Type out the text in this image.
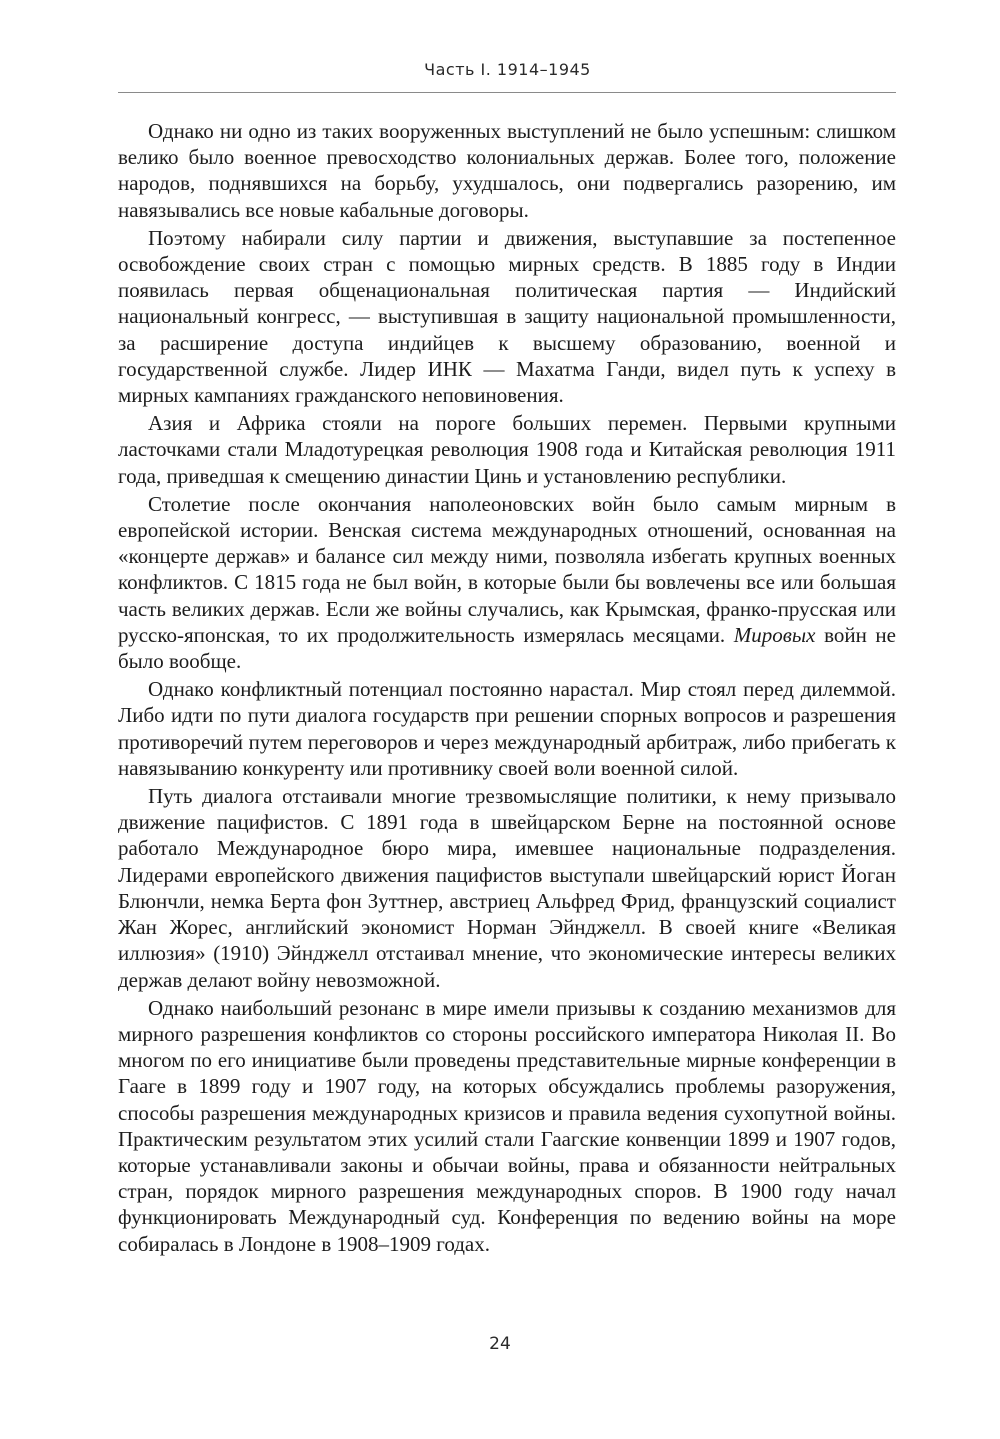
Часть I. 1914–1945

Однако ни одно из таких вооруженных выступлений не было успешным: слишком велико было военное превосходство колониальных держав. Более того, положение народов, поднявшихся на борьбу, ухудшалось, они подвергались разорению, им навязывались все новые кабальные договоры.

Поэтому набирали силу партии и движения, выступавшие за постепенное освобождение своих стран с помощью мирных средств. В 1885 году в Индии появилась первая общенациональная политическая партия — Индийский национальный конгресс, — выступившая в защиту национальной промышленности, за расширение доступа индийцев к высшему образованию, военной и государственной службе. Лидер ИНК — Махатма Ганди, видел путь к успеху в мирных кампаниях гражданского неповиновения.

Азия и Африка стояли на пороге больших перемен. Первыми крупными ласточками стали Младотурецкая революция 1908 года и Китайская революция 1911 года, приведшая к смещению династии Цинь и установлению республики.

Столетие после окончания наполеоновских войн было самым мирным в европейской истории. Венская система международных отношений, основанная на «концерте держав» и балансе сил между ними, позволяла избегать крупных военных конфликтов. С 1815 года не был войн, в которые были бы вовлечены все или большая часть великих держав. Если же войны случались, как Крымская, франко-прусская или русско-японская, то их продолжительность измерялась месяцами. Мировых войн не было вообще.

Однако конфликтный потенциал постоянно нарастал. Мир стоял перед дилеммой. Либо идти по пути диалога государств при решении спорных вопросов и разрешения противоречий путем переговоров и через международный арбитраж, либо прибегать к навязыванию конкуренту или противнику своей воли военной силой.

Путь диалога отстаивали многие трезвомыслящие политики, к нему призывало движение пацифистов. С 1891 года в швейцарском Берне на постоянной основе работало Международное бюро мира, имевшее национальные подразделения. Лидерами европейского движения пацифистов выступали швейцарский юрист Йоган Блюнчли, немка Берта фон Зуттнер, австриец Альфред Фрид, французский социалист Жан Жорес, английский экономист Норман Эйнджелл. В своей книге «Великая иллюзия» (1910) Эйнджелл отстаивал мнение, что экономические интересы великих держав делают войну невозможной.

Однако наибольший резонанс в мире имели призывы к созданию механизмов для мирного разрешения конфликтов со стороны российского императора Николая II. Во многом по его инициативе были проведены представительные мирные конференции в Гааге в 1899 году и 1907 году, на которых обсуждались проблемы разоружения, способы разрешения международных кризисов и правила ведения сухопутной войны. Практическим результатом этих усилий стали Гаагские конвенции 1899 и 1907 годов, которые устанавливали законы и обычаи войны, права и обязанности нейтральных стран, порядок мирного разрешения международных споров. В 1900 году начал функционировать Международный суд. Конференция по ведению войны на море собиралась в Лондоне в 1908–1909 годах.

24
